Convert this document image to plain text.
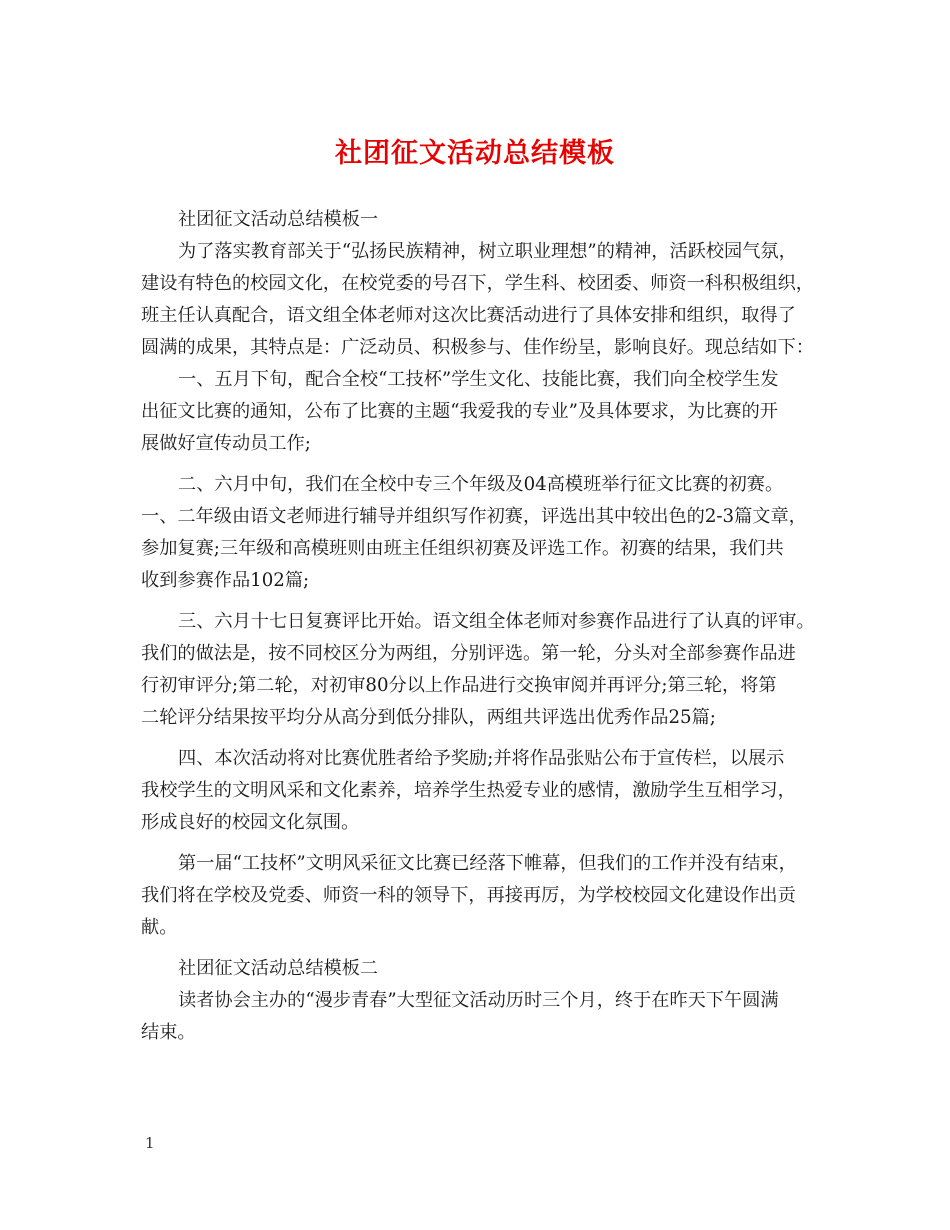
社团征文活动总结模板
社团征文活动总结模板一
为了落实教育部关于“弘扬民族精神，树立职业理想”的精神，活跃校园气氛，
建设有特色的校园文化，在校党委的号召下，学生科、校团委、师资一科积极组织，
班主任认真配合，语文组全体老师对这次比赛活动进行了具体安排和组织，取得了
圆满的成果，其特点是：广泛动员、积极参与、佳作纷呈，影响良好。现总结如下：
一、五月下旬，配合全校“工技杯”学生文化、技能比赛，我们向全校学生发
出征文比赛的通知，公布了比赛的主题“我爱我的专业”及具体要求，为比赛的开
展做好宣传动员工作;
二、六月中旬，我们在全校中专三个年级及04高模班举行征文比赛的初赛。
一、二年级由语文老师进行辅导并组织写作初赛，评选出其中较出色的2-3篇文章，
参加复赛;三年级和高模班则由班主任组织初赛及评选工作。初赛的结果，我们共
收到参赛作品102篇;
三、六月十七日复赛评比开始。语文组全体老师对参赛作品进行了认真的评审。
我们的做法是，按不同校区分为两组，分别评选。第一轮，分头对全部参赛作品进
行初审评分;第二轮，对初审80分以上作品进行交换审阅并再评分;第三轮，将第
二轮评分结果按平均分从高分到低分排队，两组共评选出优秀作品25篇;
四、本次活动将对比赛优胜者给予奖励;并将作品张贴公布于宣传栏，以展示
我校学生的文明风采和文化素养，培养学生热爱专业的感情，激励学生互相学习，
形成良好的校园文化氛围。
第一届“工技杯”文明风采征文比赛已经落下帷幕，但我们的工作并没有结束，
我们将在学校及党委、师资一科的领导下，再接再厉，为学校校园文化建设作出贡
献。
社团征文活动总结模板二
读者协会主办的“漫步青春”大型征文活动历时三个月，终于在昨天下午圆满
结束。
1
